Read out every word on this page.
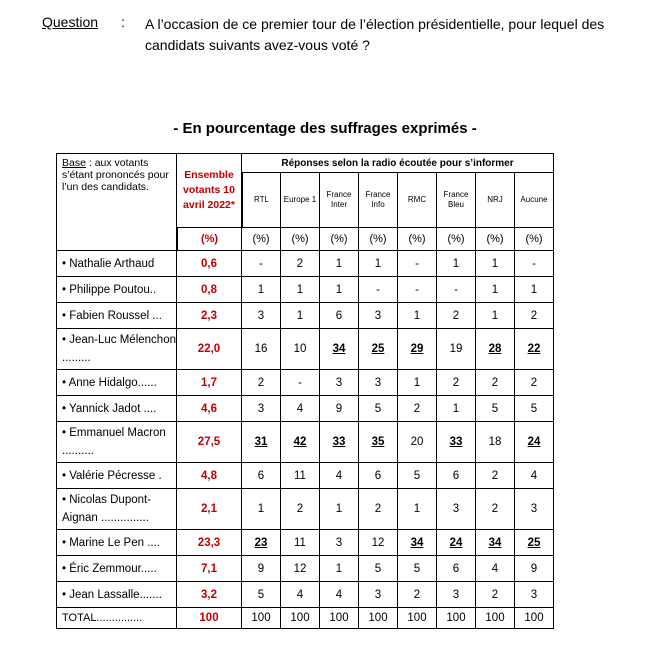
Question : A l’occasion de ce premier tour de l’élection présidentielle, pour lequel des candidats suivants avez-vous voté ?
- En pourcentage des suffrages exprimés -
Base : aux votants s’étant prononcés pour l’un des candidats.	Ensemble votants 10 avril 2022*	Réponses selon la radio écoutée pour s’informer							
		RTL	Europe 1	France Inter	France Info	RMC	France Bleu	NRJ	Aucune
	(%)	(%)	(%)	(%)	(%)	(%)	(%)	(%)	(%)
• Nathalie Arthaud	0,6	-	2	1	1	-	1	1	-
• Philippe Poutou..	0,8	1	1	1	-	-	-	1	1
• Fabien Roussel ...	2,3	3	1	6	3	1	2	1	2
• Jean-Luc Mélenchon .........	22,0	16	10	34	25	29	19	28	22
• Anne Hidalgo......	1,7	2	-	3	3	1	2	2	2
• Yannick Jadot ....	4,6	3	4	9	5	2	1	5	5
• Emmanuel Macron ..........	27,5	31	42	33	35	20	33	18	24
• Valérie Pécresse .	4,8	6	11	4	6	5	6	2	4
• Nicolas Dupont-Aignan ...............	2,1	1	2	1	2	1	3	2	3
• Marine Le Pen ....	23,3	23	11	3	12	34	24	34	25
• Éric Zemmour.....	7,1	9	12	1	5	5	6	4	9
• Jean Lassalle.......	3,2	5	4	4	3	2	3	2	3
TOTAL...............	100	100	100	100	100	100	100	100	100
